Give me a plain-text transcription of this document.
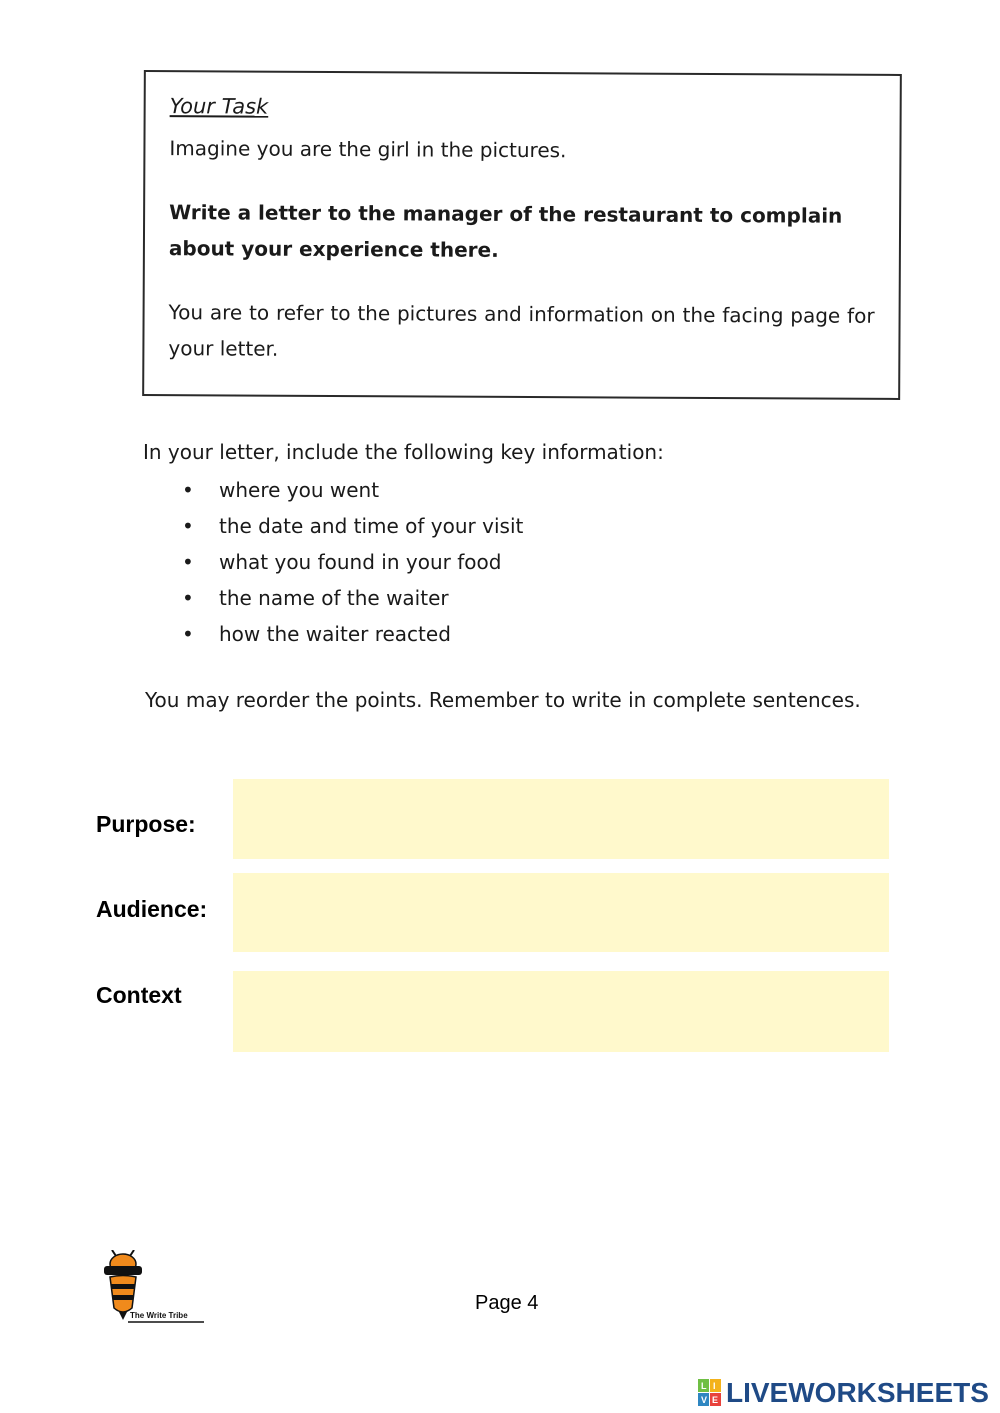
Your Task

Imagine you are the girl in the pictures.

Write a letter to the manager of the restaurant to complain about your experience there.

You are to refer to the pictures and information on the facing page for your letter.

In your letter, include the following key information:

•	where you went
•	the date and time of your visit
•	what you found in your food
•	the name of the waiter
•	how the waiter reacted

You may reorder the points. Remember to write in complete sentences.

Purpose:
Audience:
Context
The Write Tribe
Page 4
L I
V E LIVEWORKSHEETS
